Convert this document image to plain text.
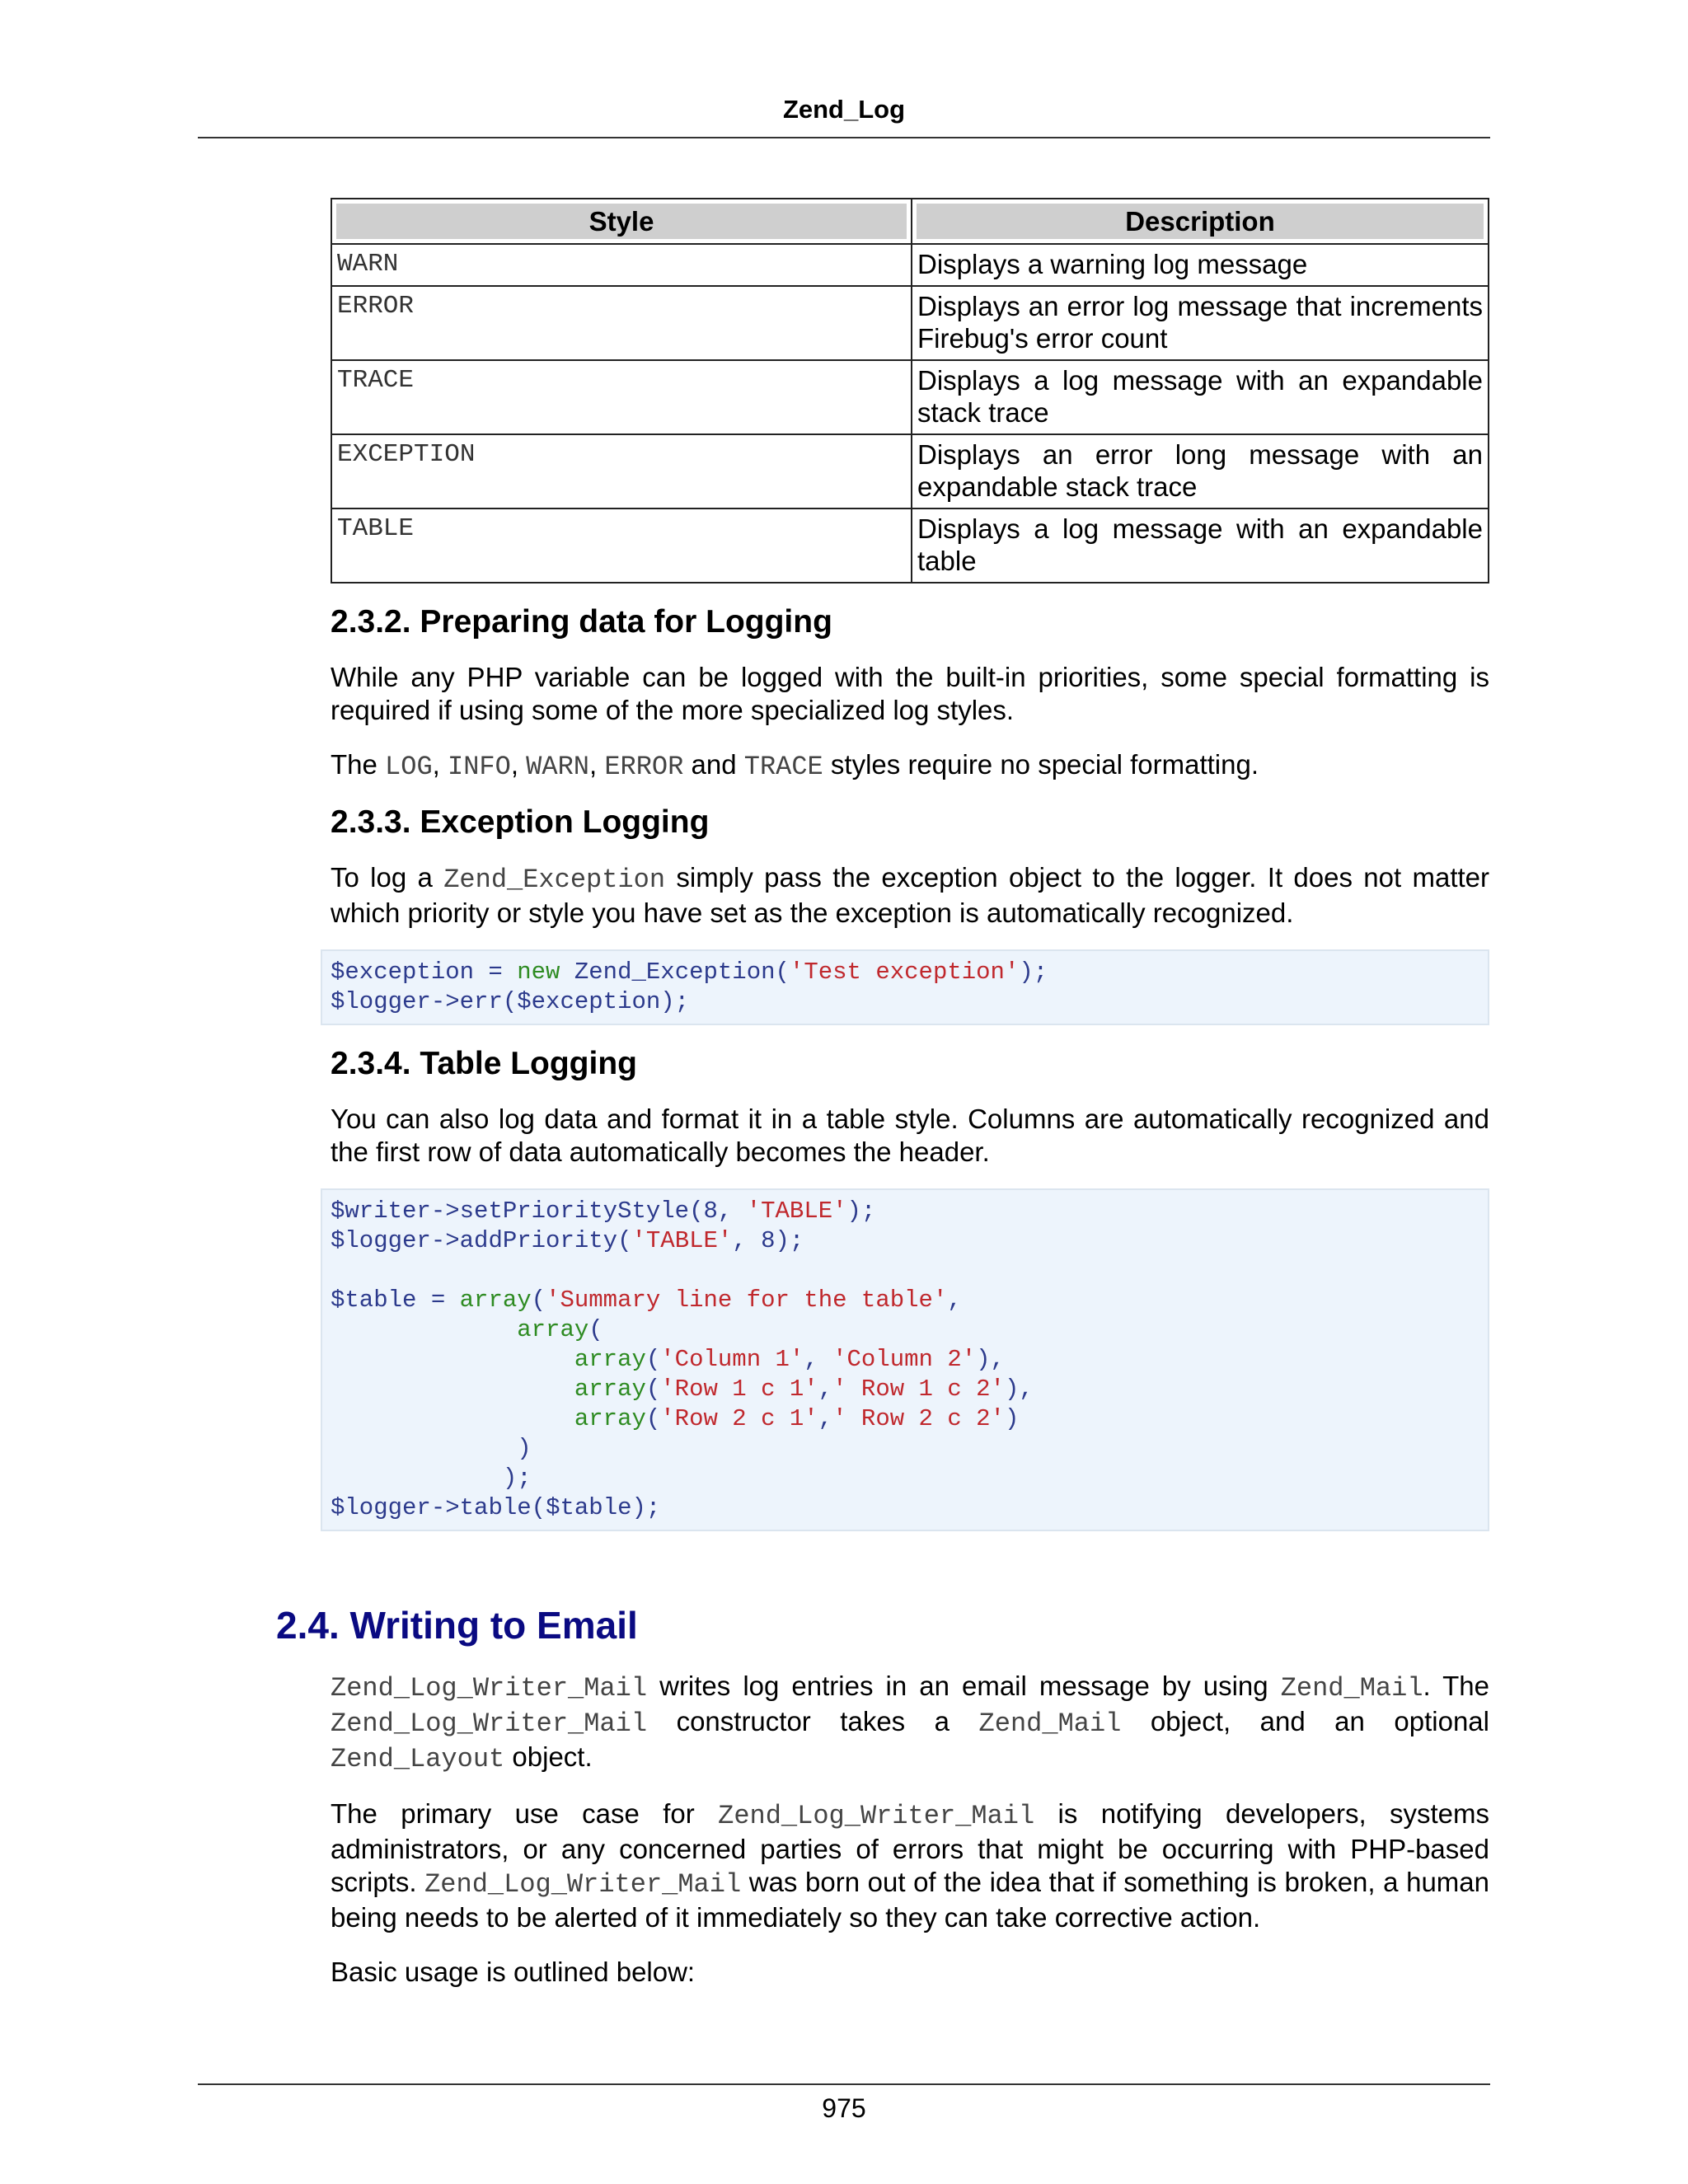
Zend_Log
Style	Description

WARN	Displays a warning log message
ERROR	Displays an error log message that increments Firebug's error count
TRACE	Displays a log message with an expandable stack trace
EXCEPTION	Displays an error long message with an expandable stack trace
TABLE	Displays a log message with an expandable table
2.3.2. Preparing data for Logging

While any PHP variable can be logged with the built-in priorities, some special formatting is required if using some of the more specialized log styles.

The LOG, INFO, WARN, ERROR and TRACE styles require no special formatting.

2.3.3. Exception Logging

To log a Zend_Exception simply pass the exception object to the logger. It does not matter which priority or style you have set as the exception is automatically recognized.

$exception = new Zend_Exception('Test exception');
$logger->err($exception);
2.3.4. Table Logging

You can also log data and format it in a table style. Columns are automatically recognized and the first row of data automatically becomes the header.

$writer->setPriorityStyle(8, 'TABLE');
$logger->addPriority('TABLE', 8);

$table = array('Summary line for the table',
array(
array('Column 1', 'Column 2'),
array('Row 1 c 1',' Row 1 c 2'),
array('Row 2 c 1',' Row 2 c 2')
)
);
$logger->table($table);
2.4. Writing to Email

Zend_Log_Writer_Mail writes log entries in an email message by using Zend_Mail. The Zend_Log_Writer_Mail constructor takes a Zend_Mail object, and an optional Zend_Layout object.

The primary use case for Zend_Log_Writer_Mail is notifying developers, systems administrators, or any concerned parties of errors that might be occurring with PHP-based scripts. Zend_Log_Writer_Mail was born out of the idea that if something is broken, a human being needs to be alerted of it immediately so they can take corrective action.

Basic usage is outlined below:

975
